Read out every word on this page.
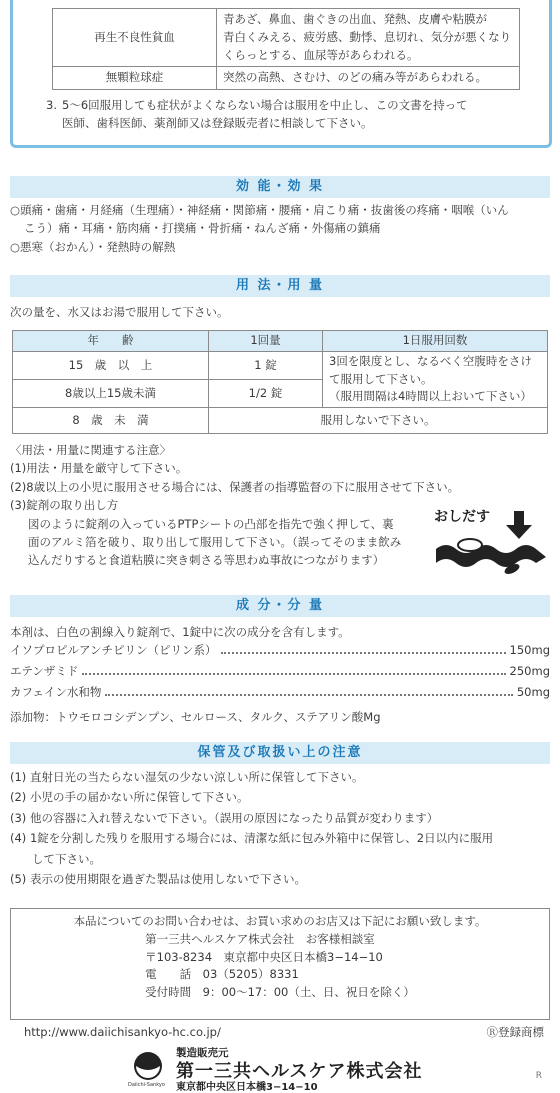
再生不良性貧血	青あざ、鼻血、歯ぐきの出血、発熱、皮膚や粘膜が
青白くみえる、疲労感、動悸、息切れ、気分が悪くなり
くらっとする、血尿等があらわれる。

無顆粒球症	突然の高熱、さむけ、のどの痛み等があらわれる。
3. 5～6回服用しても症状がよくならない場合は服用を中止し、この文書を持って
医師、歯科医師、薬剤師又は登録販売者に相談して下さい。
効 能・効 果
○頭痛・歯痛・月経痛（生理痛）・神経痛・関節痛・腰痛・肩こり痛・抜歯後の疼痛・咽喉（いん
こう）痛・耳痛・筋肉痛・打撲痛・骨折痛・ねんざ痛・外傷痛の鎮痛
○悪寒（おかん）・発熱時の解熱
用 法・用 量
次の量を、水又はお湯で服用して下さい。
年　　齢	1回量	1日服用回数
15　歳　以　上	1 錠	3回を限度とし、なるべく空腹時をさけ
て服用して下さい。
（服用間隔は4時間以上おいて下さい）

8歳以上15歳未満	1/2 錠	
8　歳　未　満	服用しないで下さい。	
〈用法・用量に関連する注意〉
(1)用法・用量を厳守して下さい。
(2)8歳以上の小児に服用させる場合には、保護者の指導監督の下に服用させて下さい。
(3)錠剤の取り出し方
図のように錠剤の入っているPTPシートの凸部を指先で強く押して、裏
面のアルミ箔を破り、取り出して服用して下さい。（誤ってそのまま飲み
込んだりすると食道粘膜に突き刺さる等思わぬ事故につながります）
おしだす
成 分・分 量
本剤は、白色の割線入り錠剤で、1錠中に次の成分を含有します。
イソプロピルアンチピリン（ピリン系）	150mg
エテンザミド	250mg
カフェイン水和物	50mg
添加物：トウモロコシデンプン、セルロース、タルク、ステアリン酸Mg
保管及び取扱い上の注意
(1) 直射日光の当たらない湿気の少ない涼しい所に保管して下さい。
(2) 小児の手の届かない所に保管して下さい。
(3) 他の容器に入れ替えないで下さい。（誤用の原因になったり品質が変わります）
(4) 1錠を分割した残りを服用する場合には、清潔な紙に包み外箱中に保管し、2日以内に服用
して下さい。
(5) 表示の使用期限を過ぎた製品は使用しないで下さい。
本品についてのお問い合わせは、お買い求めのお店又は下記にお願い致します。
第一三共ヘルスケア株式会社　お客様相談室
〒103-8234　東京都中央区日本橋3−14−10
電　　話　03（5205）8331
受付時間　9：00〜17：00（土、日、祝日を除く）
http://www.daiichisankyo-hc.co.jp/	Ⓡ登録商標
Daiichi-Sankyo
製造販売元
第一三共ヘルスケア株式会社
東京都中央区日本橋3−14−10
R
